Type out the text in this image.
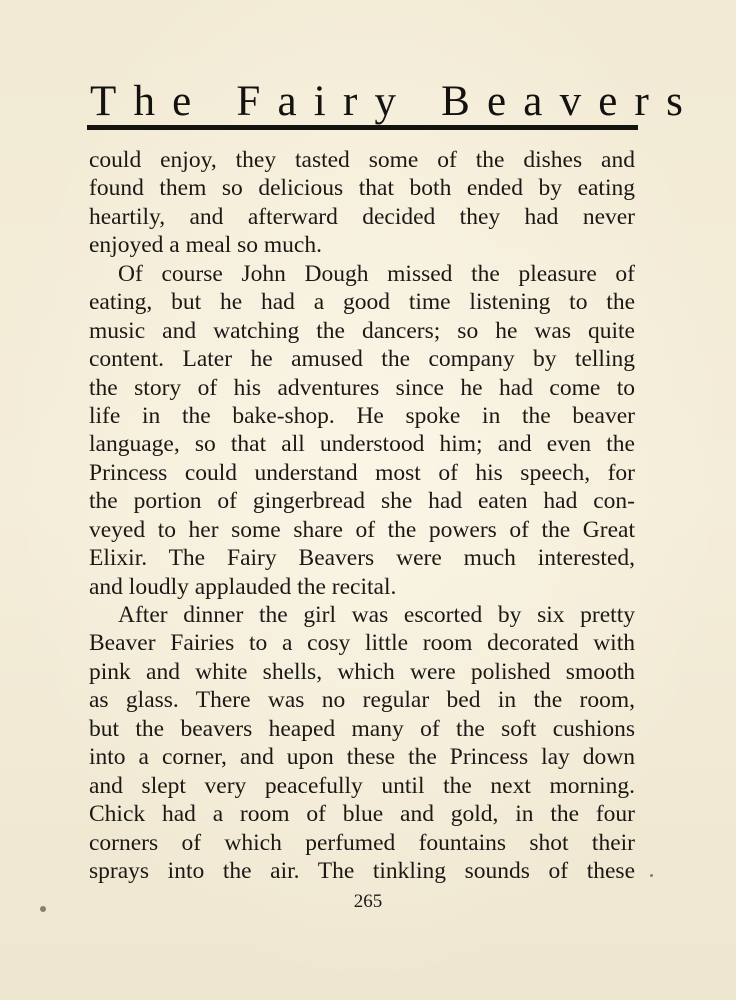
The Fairy Beavers
could enjoy, they tasted some of the dishes and
found them so delicious that both ended by eating
heartily, and afterward decided they had never
enjoyed a meal so much.
Of course John Dough missed the pleasure of
eating, but he had a good time listening to the
music and watching the dancers; so he was quite
content. Later he amused the company by telling
the story of his adventures since he had come to
life in the bake-shop. He spoke in the beaver
language, so that all understood him; and even the
Princess could understand most of his speech, for
the portion of gingerbread she had eaten had con-
veyed to her some share of the powers of the Great
Elixir. The Fairy Beavers were much interested,
and loudly applauded the recital.
After dinner the girl was escorted by six pretty
Beaver Fairies to a cosy little room decorated with
pink and white shells, which were polished smooth
as glass. There was no regular bed in the room,
but the beavers heaped many of the soft cushions
into a corner, and upon these the Princess lay down
and slept very peacefully until the next morning.
Chick had a room of blue and gold, in the four
corners of which perfumed fountains shot their
sprays into the air. The tinkling sounds of these
265
